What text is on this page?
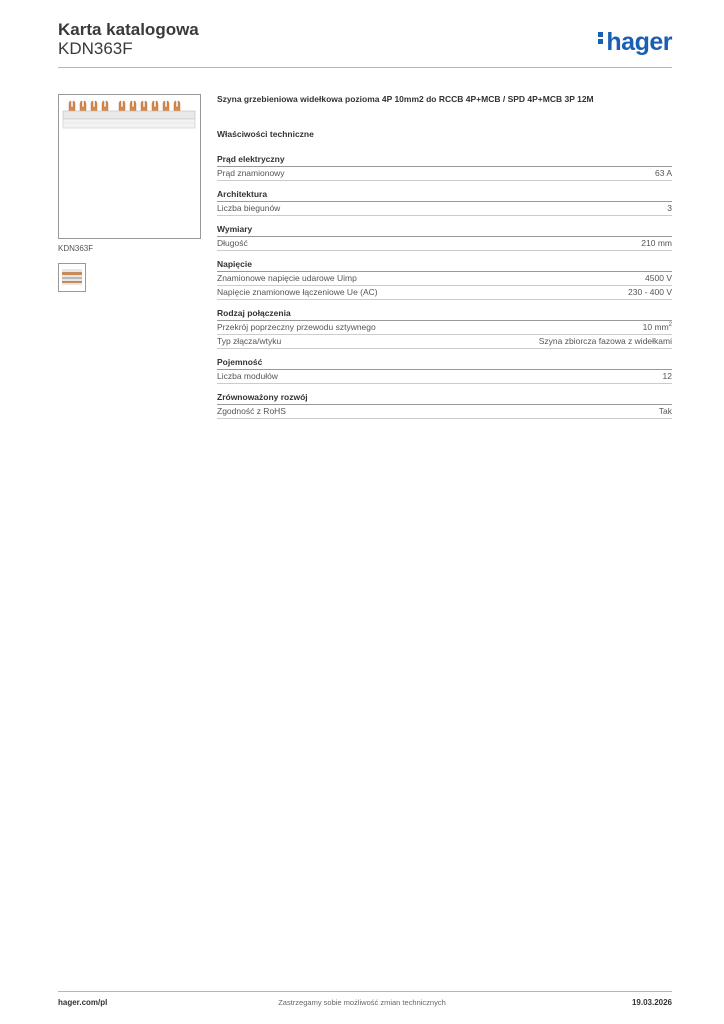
Karta katalogowa
KDN363F	hager
KDN363F
Szyna grzebieniowa widełkowa pozioma 4P 10mm2 do RCCB 4P+MCB / SPD 4P+MCB 3P 12M
Właściwości techniczne
Prąd elektryczny
Prąd znamionowy	63 A
Architektura
Liczba biegunów	3
Wymiary
Długość	210 mm
Napięcie
Znamionowe napięcie udarowe Uimp	4500 V
Napięcie znamionowe łączeniowe Ue (AC)	230 - 400 V
Rodzaj połączenia
Przekrój poprzeczny przewodu sztywnego	10 $mm^2$
Typ złącza/wtyku	Szyna zbiorcza fazowa z widełkami
Pojemność
Liczba modułów	12
Zrównoważony rozwój
Zgodność z RoHS	Tak
hager.com/pl	Zastrzegamy sobie możliwość zmian technicznych	19.03.2026
